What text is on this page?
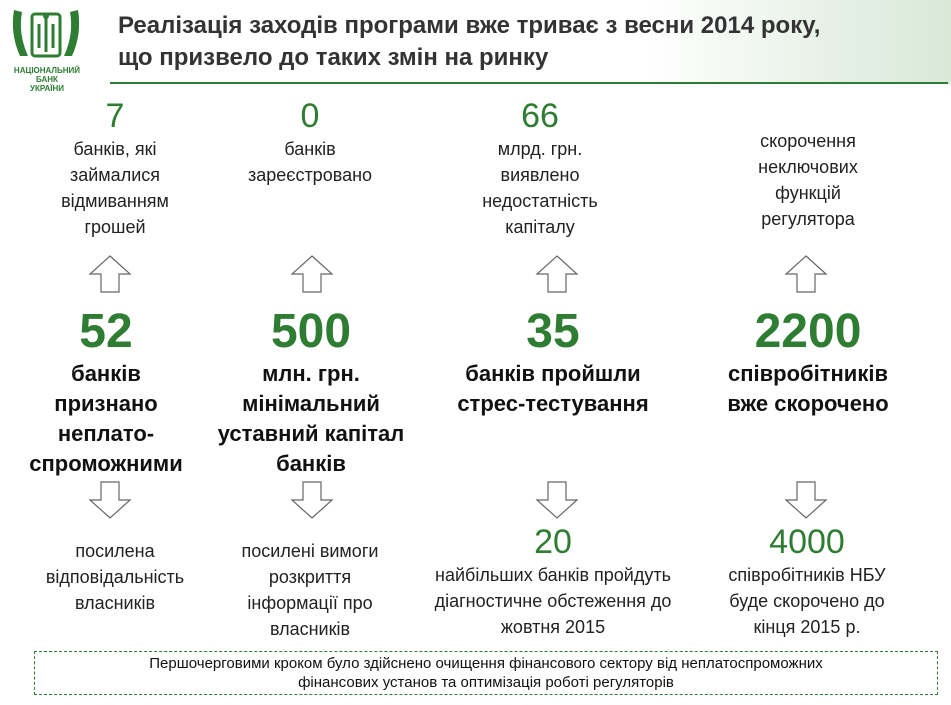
НАЦІОНАЛЬНИЙ
БАНК
УКРАЇНИ
Реалізація заходів програми вже триває з весни 2014 року,
що призвело до таких змін на ринку
7
банків, які
займалися
відмиванням
грошей
52
банків
признано
неплато-
спроможними
посилена
відповідальність
власників
0
банків
зареєстровано
500
млн. грн.
мінімальний
уставний капітал
банків
посилені вимоги
розкриття
інформації про
власників
66
млрд. грн.
виявлено
недостатність
капіталу
35
банків пройшли
стрес-тестування
20
найбільших банків пройдуть
діагностичне обстеження до
жовтня 2015
скорочення
неключових
функцій
регулятора
2200
співробітників
вже скорочено
4000
співробітників НБУ
буде скорочено до
кінця 2015 р.
Першочерговими кроком було здійснено очищення фінансового сектору від неплатоспроможних
фінансових установ та оптимізація роботі регуляторів
